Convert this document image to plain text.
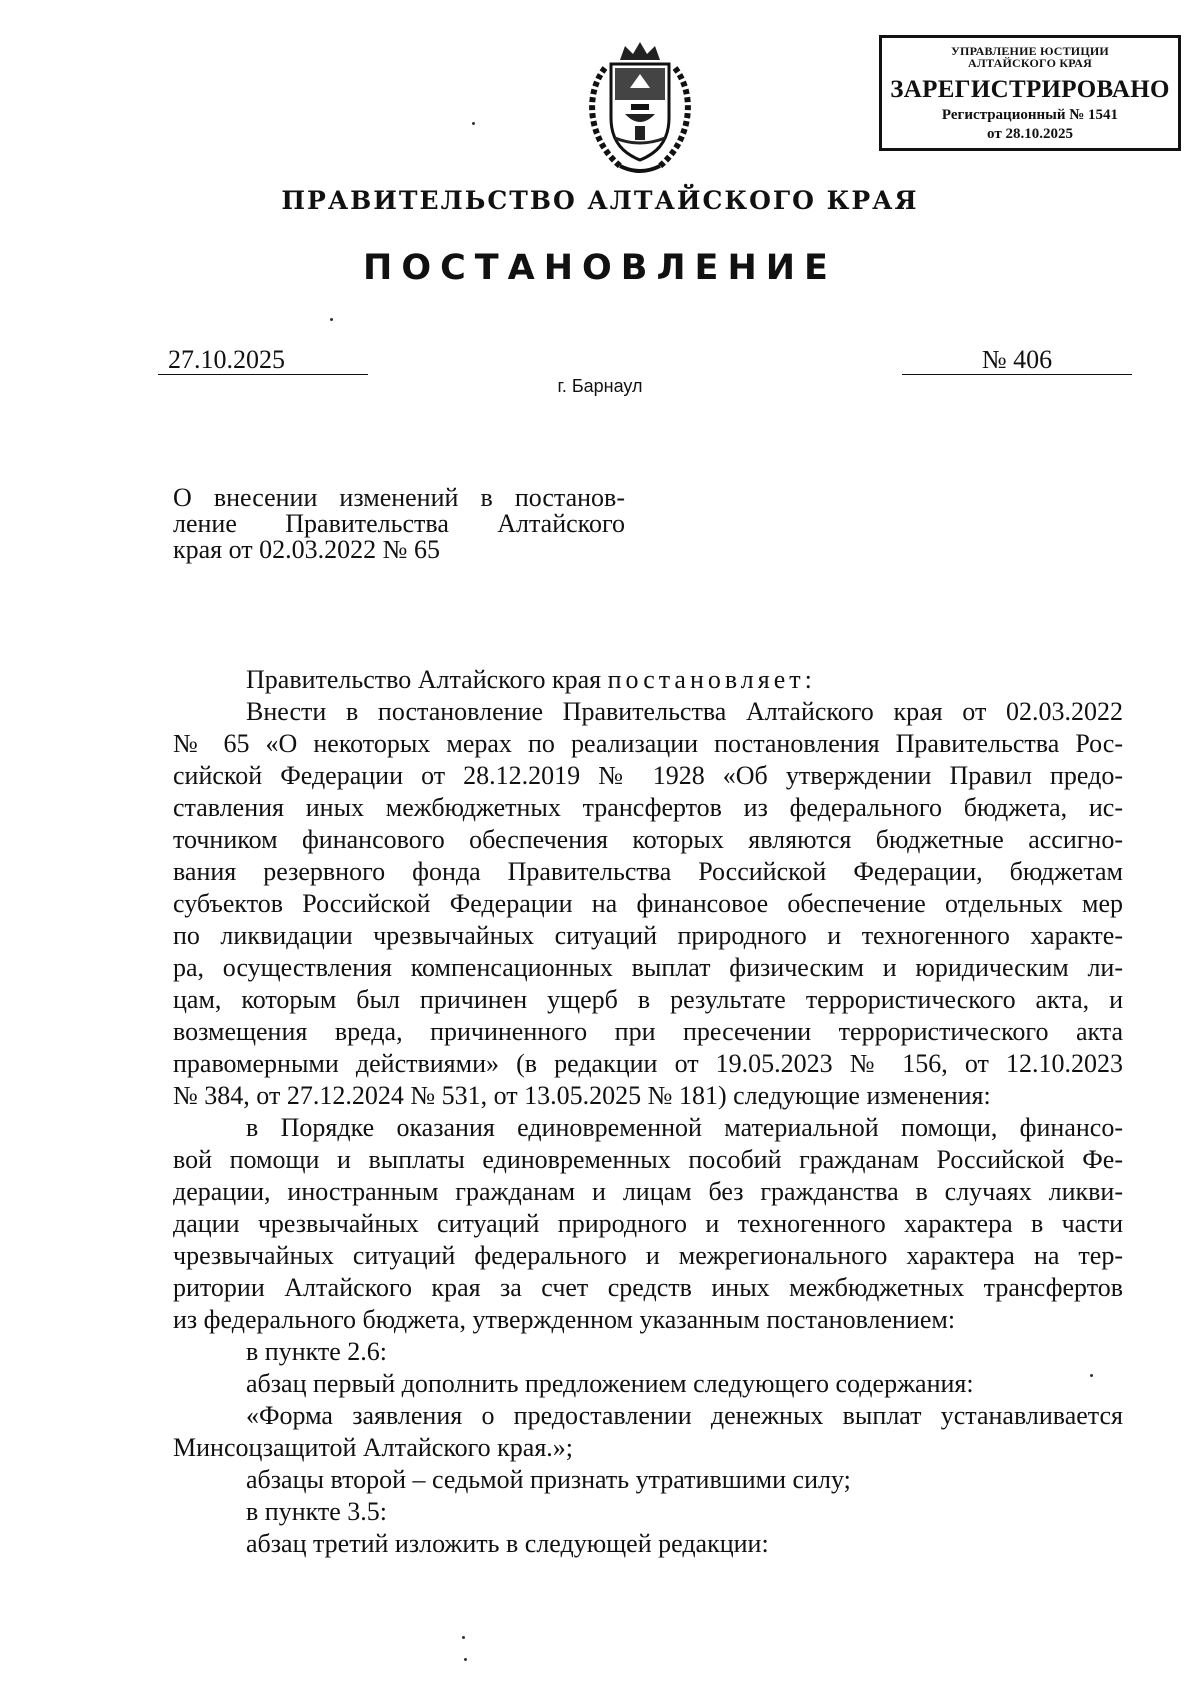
УПРАВЛЕНИЕ ЮСТИЦИИ
АЛТАЙСКОГО КРАЯ
ЗАРЕГИСТРИРОВАНО
Регистрационный № 1541
от 28.10.2025
ПРАВИТЕЛЬСТВО АЛТАЙСКОГО КРАЯ
ПОСТАНОВЛЕНИЕ
27.10.2025	№ 406
г. Барнаул
О внесении изменений в постанов-
ление Правительства Алтайского
края от 02.03.2022 № 65
Правительство Алтайского края постановляет:
Внести в постановление Правительства Алтайского края от 02.03.2022
№ 65 «О некоторых мерах по реализации постановления Правительства Рос-
сийской Федерации от 28.12.2019 № 1928 «Об утверждении Правил предо-
ставления иных межбюджетных трансфертов из федерального бюджета, ис-
точником финансового обеспечения которых являются бюджетные ассигно-
вания резервного фонда Правительства Российской Федерации, бюджетам
субъектов Российской Федерации на финансовое обеспечение отдельных мер
по ликвидации чрезвычайных ситуаций природного и техногенного характе-
ра, осуществления компенсационных выплат физическим и юридическим ли-
цам, которым был причинен ущерб в результате террористического акта, и
возмещения вреда, причиненного при пресечении террористического акта
правомерными действиями» (в редакции от 19.05.2023 № 156, от 12.10.2023
№ 384, от 27.12.2024 № 531, от 13.05.2025 № 181) следующие изменения:
в Порядке оказания единовременной материальной помощи, финансо-
вой помощи и выплаты единовременных пособий гражданам Российской Фе-
дерации, иностранным гражданам и лицам без гражданства в случаях ликви-
дации чрезвычайных ситуаций природного и техногенного характера в части
чрезвычайных ситуаций федерального и межрегионального характера на тер-
ритории Алтайского края за счет средств иных межбюджетных трансфертов
из федерального бюджета, утвержденном указанным постановлением:
в пункте 2.6:
абзац первый дополнить предложением следующего содержания:
«Форма заявления о предоставлении денежных выплат устанавливается
Минсоцзащитой Алтайского края.»;
абзацы второй – седьмой признать утратившими силу;
в пункте 3.5:
абзац третий изложить в следующей редакции:
